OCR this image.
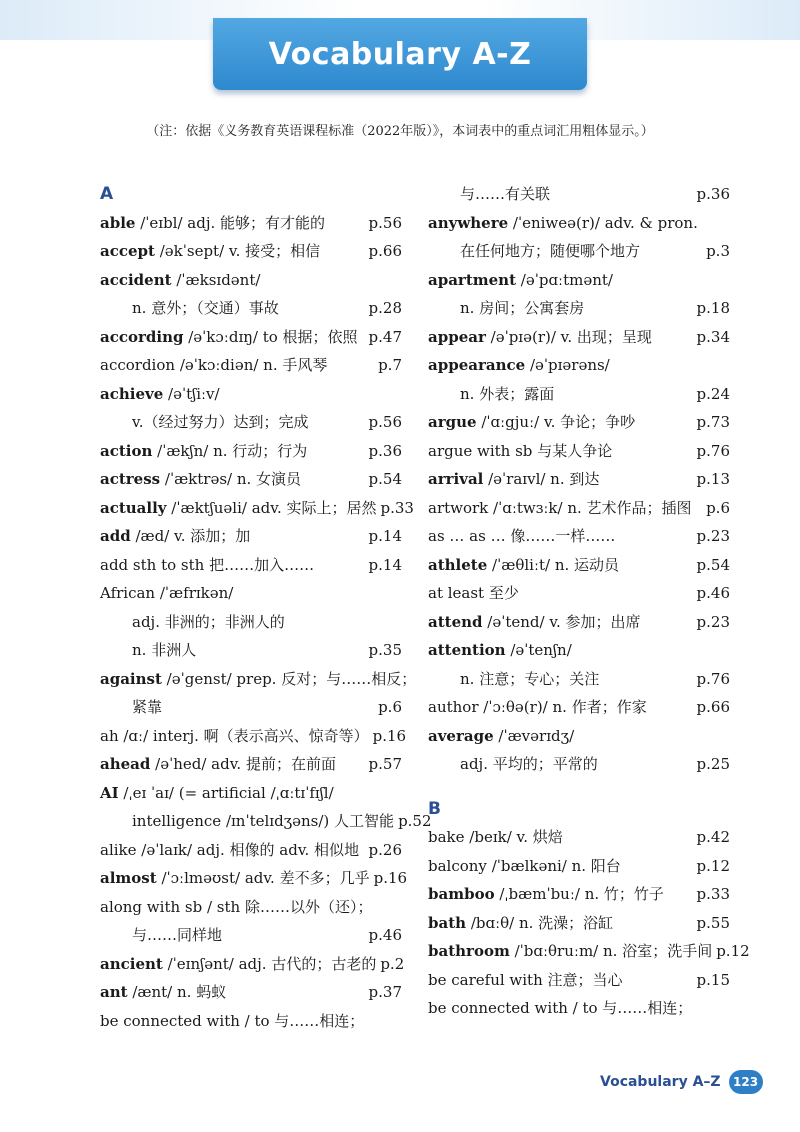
Vocabulary A-Z
（注：依据《义务教育英语课程标准（2022年版）》，本词表中的重点词汇用粗体显示。）
A
able /ˈeɪbl/ adj. 能够；有才能的	p.56
accept /əkˈsept/ v. 接受；相信	p.66
accident /ˈæksɪdənt/
n. 意外；（交通）事故	p.28
according /əˈkɔːdɪŋ/ to 根据；依照 p.47
accordion /əˈkɔːdiən/ n. 手风琴	p.7
achieve /əˈtʃiːv/
v.（经过努力）达到；完成	p.56
action /ˈækʃn/ n. 行动；行为	p.36
actress /ˈæktrəs/ n. 女演员	p.54
actually /ˈæktʃuəli/ adv. 实际上；居然 p.33
add /æd/ v. 添加；加	p.14
add sth to sth 把……加入……	p.14
African /ˈæfrɪkən/
adj. 非洲的；非洲人的
n. 非洲人	p.35
against /əˈgenst/ prep. 反对；与……相反；
紧靠	p.6
ah /ɑː/ interj. 啊（表示高兴、惊奇等） p.16
ahead /əˈhed/ adv. 提前；在前面 p.57
AI /ˌeɪ ˈaɪ/ (= artificial /ˌɑːtɪˈfɪʃl/
intelligence /ɪnˈtelɪdʒəns/) 人工智能 p.52
alike /əˈlaɪk/ adj. 相像的 adv. 相似地 p.26
almost /ˈɔːlməʊst/ adv. 差不多；几乎 p.16
along with sb / sth 除……以外（还）；
与……同样地	p.46
ancient /ˈeɪnʃənt/ adj. 古代的；古老的 p.2
ant /ænt/ n. 蚂蚁	p.37
be connected with / to 与……相连；
与……有关联	p.36
anywhere /ˈeniweə(r)/ adv. & pron.
在任何地方；随便哪个地方	p.3
apartment /əˈpɑːtmənt/
n. 房间；公寓套房	p.18
appear /əˈpɪə(r)/ v. 出现；呈现	p.34
appearance /əˈpɪərəns/
n. 外表；露面	p.24
argue /ˈɑːgjuː/ v. 争论；争吵	p.73
argue with sb 与某人争论	p.76
arrival /əˈraɪvl/ n. 到达	p.13
artwork /ˈɑːtwɜːk/ n. 艺术作品；插图 p.6
as … as … 像……一样……	p.23
athlete /ˈæθliːt/ n. 运动员	p.54
at least 至少	p.46
attend /əˈtend/ v. 参加；出席	p.23
attention /əˈtenʃn/
n. 注意；专心；关注	p.76
author /ˈɔːθə(r)/ n. 作者；作家	p.66
average /ˈævərɪdʒ/
adj. 平均的；平常的	p.25
B
bake /beɪk/ v. 烘焙	p.42
balcony /ˈbælkəni/ n. 阳台	p.12
bamboo /ˌbæmˈbuː/ n. 竹；竹子 p.33
bath /bɑːθ/ n. 洗澡；浴缸	p.55
bathroom /ˈbɑːθruːm/ n. 浴室；洗手间 p.12
be careful with 注意；当心	p.15
be connected with / to 与……相连；
Vocabulary A–Z	123
